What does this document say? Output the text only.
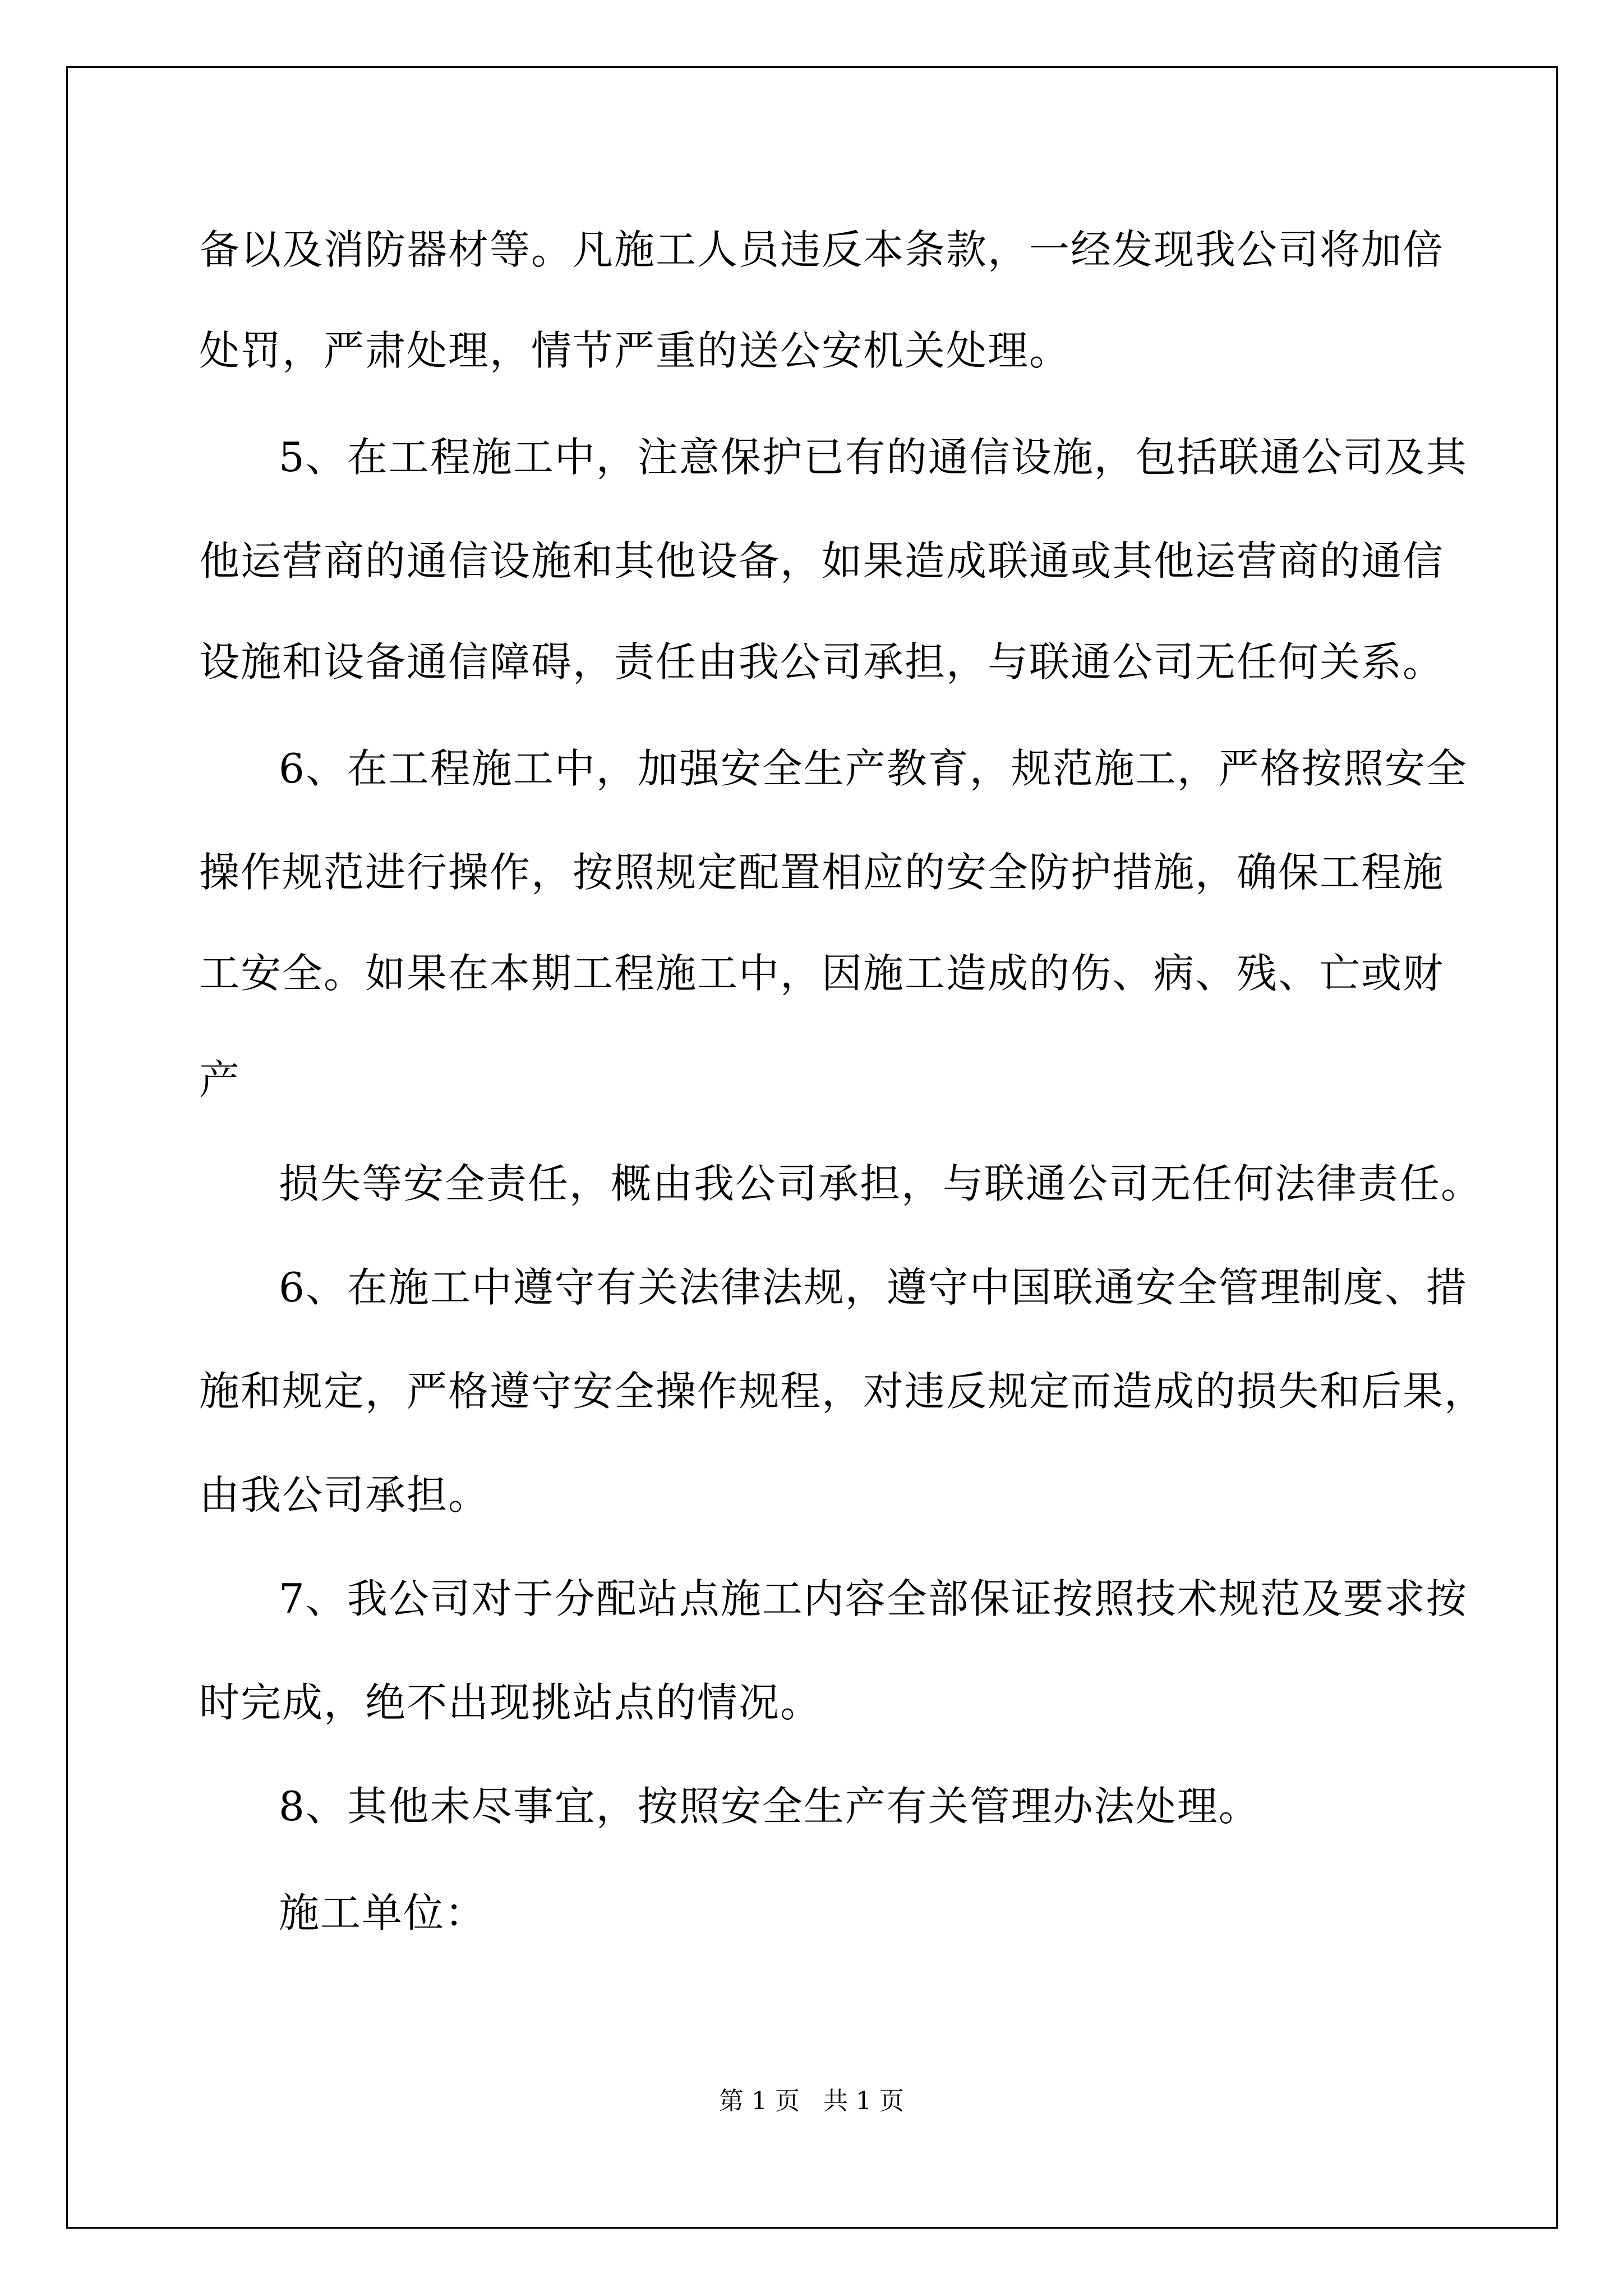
备以及消防器材等。凡施工人员违反本条款，一经发现我公司将加倍

处罚，严肃处理，情节严重的送公安机关处理。

5、在工程施工中，注意保护已有的通信设施，包括联通公司及其

他运营商的通信设施和其他设备，如果造成联通或其他运营商的通信

设施和设备通信障碍，责任由我公司承担，与联通公司无任何关系。

6、在工程施工中，加强安全生产教育，规范施工，严格按照安全

操作规范进行操作，按照规定配置相应的安全防护措施，确保工程施

工安全。如果在本期工程施工中，因施工造成的伤、病、残、亡或财

产

损失等安全责任，概由我公司承担，与联通公司无任何法律责任。

6、在施工中遵守有关法律法规，遵守中国联通安全管理制度、措

施和规定，严格遵守安全操作规程，对违反规定而造成的损失和后果，

由我公司承担。

7、我公司对于分配站点施工内容全部保证按照技术规范及要求按

时完成，绝不出现挑站点的情况。

8、其他未尽事宜，按照安全生产有关管理办法处理。

施工单位：

第 1 页   共 1 页
